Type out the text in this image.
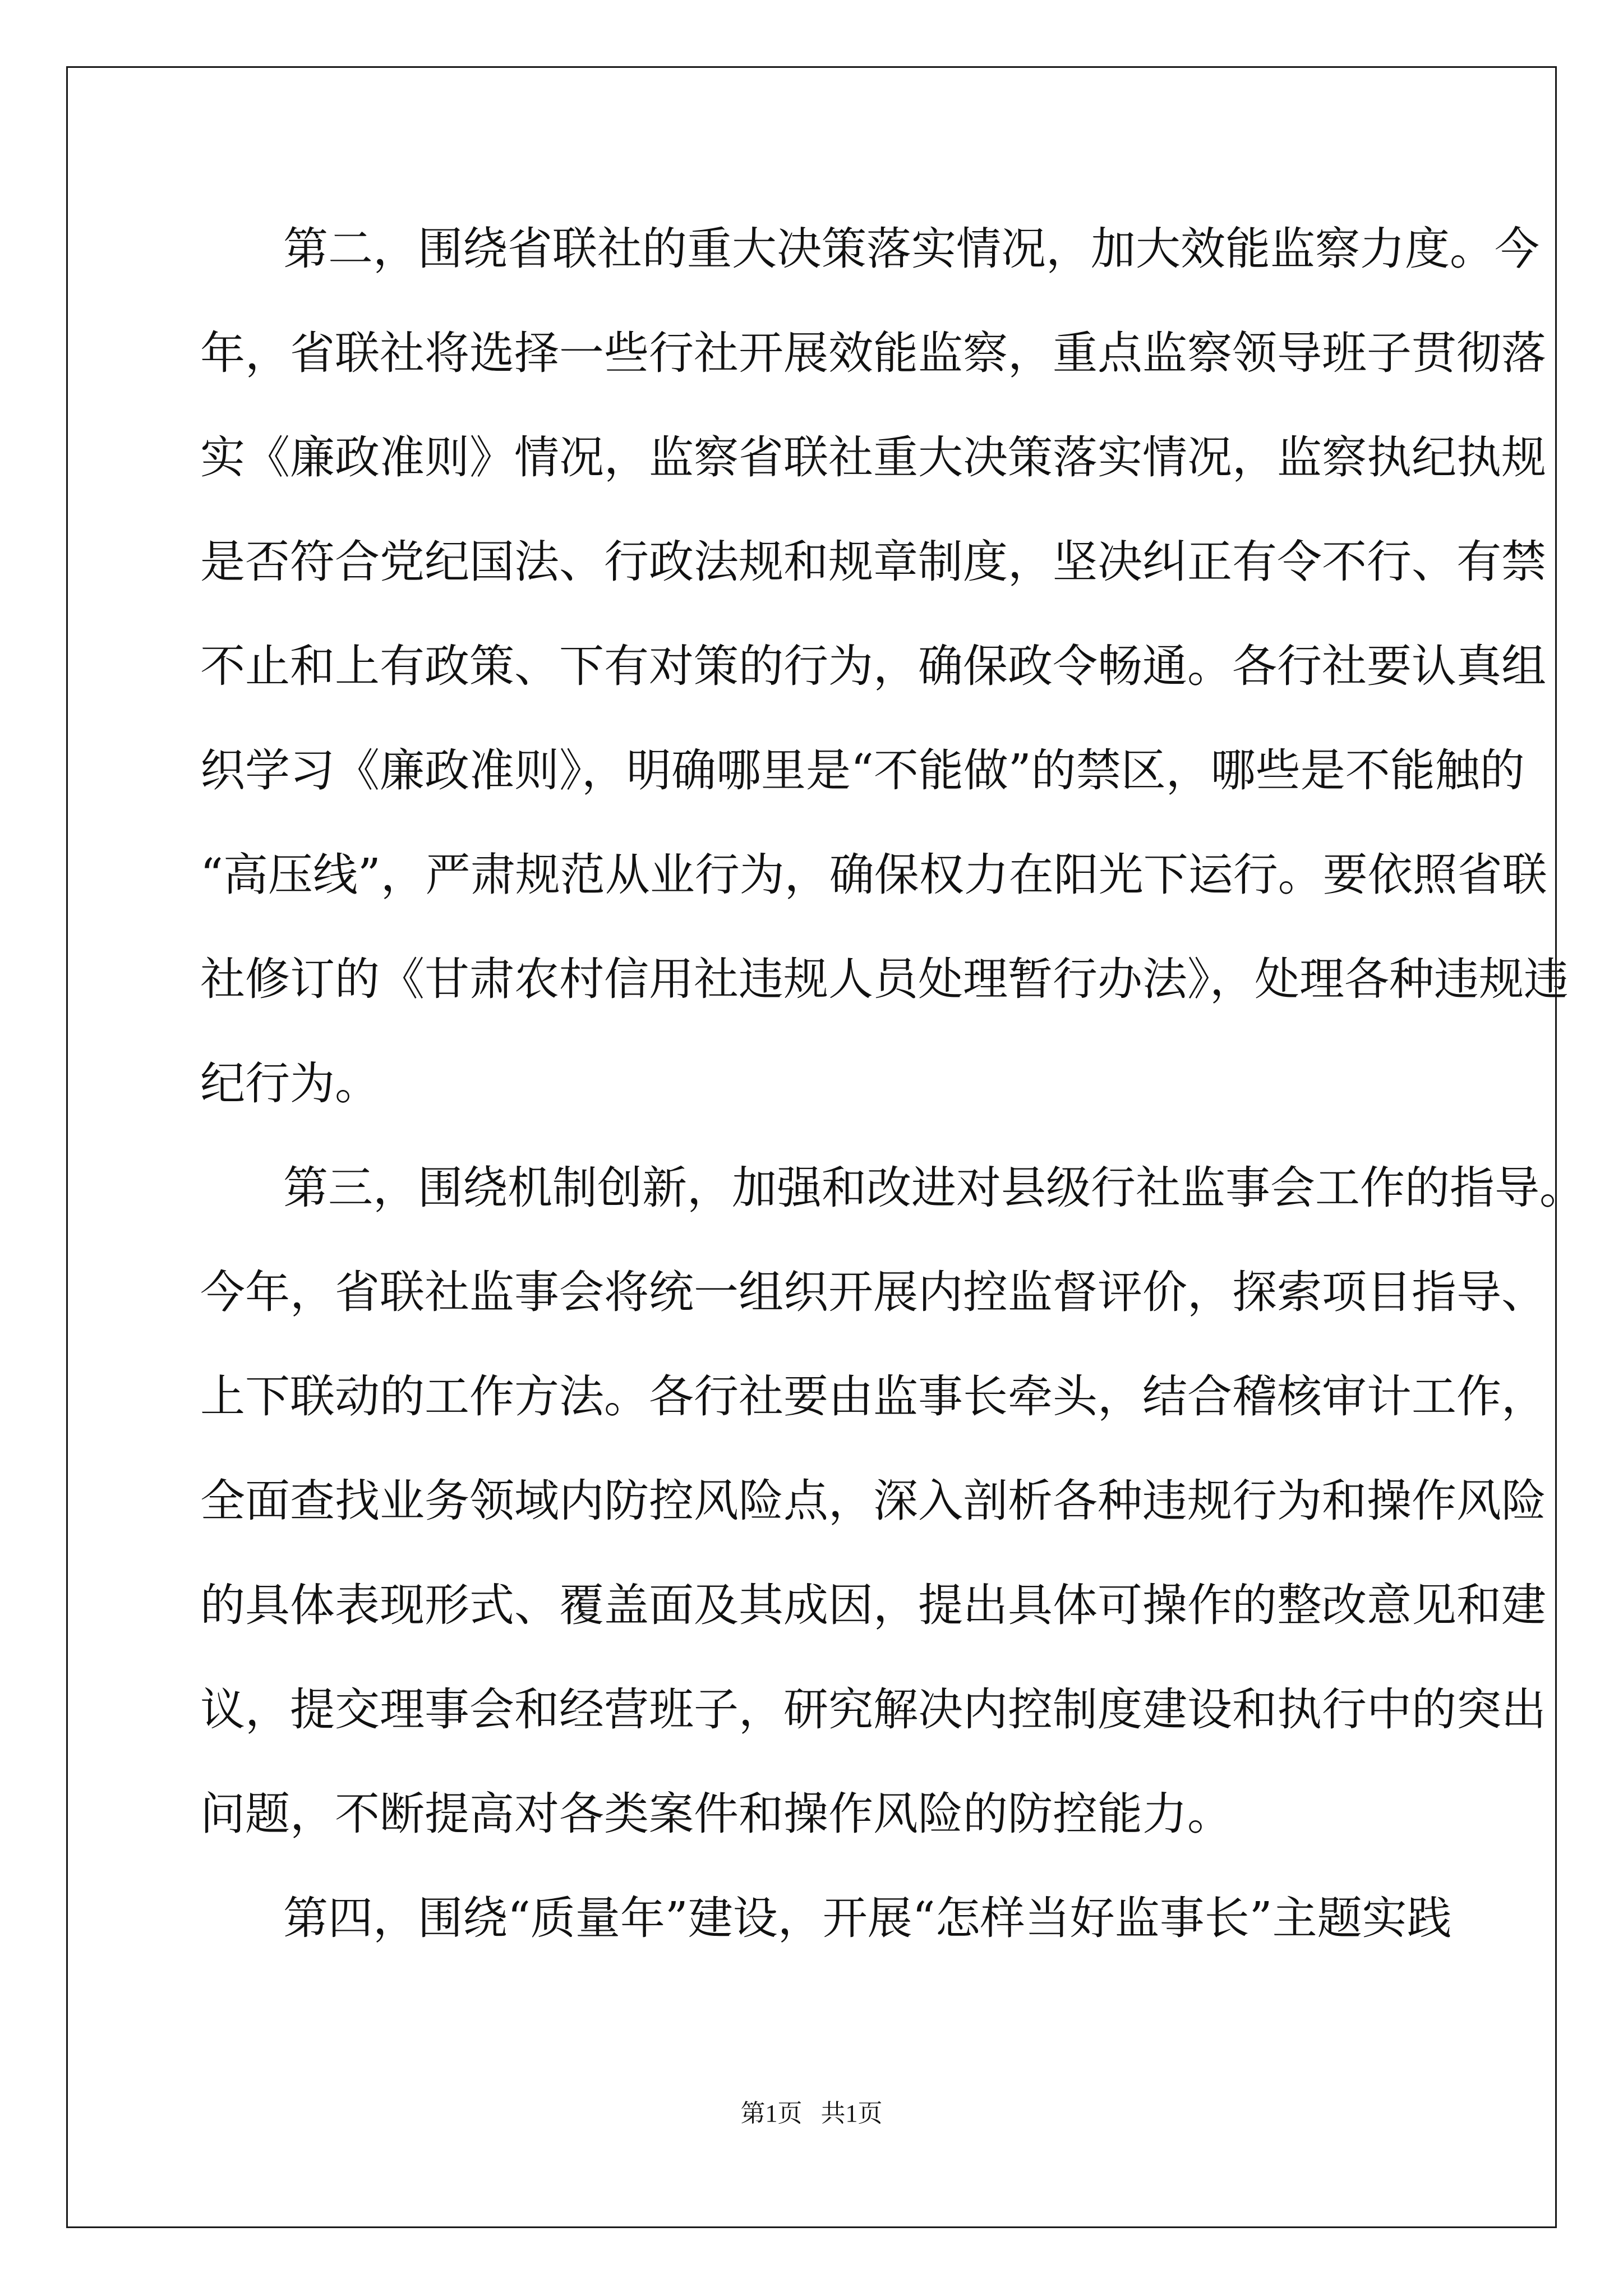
第二，围绕省联社的重大决策落实情况，加大效能监察力度。今

年，省联社将选择一些行社开展效能监察，重点监察领导班子贯彻落

实《廉政准则》情况，监察省联社重大决策落实情况，监察执纪执规

是否符合党纪国法、行政法规和规章制度，坚决纠正有令不行、有禁

不止和上有政策、下有对策的行为，确保政令畅通。各行社要认真组

织学习《廉政准则》，明确哪里是“不能做”的禁区，哪些是不能触的

“高压线”，严肃规范从业行为，确保权力在阳光下运行。要依照省联

社修订的《甘肃农村信用社违规人员处理暂行办法》，处理各种违规违

纪行为。

第三，围绕机制创新，加强和改进对县级行社监事会工作的指导。

今年，省联社监事会将统一组织开展内控监督评价，探索项目指导、

上下联动的工作方法。各行社要由监事长牵头，结合稽核审计工作，

全面查找业务领域内防控风险点，深入剖析各种违规行为和操作风险

的具体表现形式、覆盖面及其成因，提出具体可操作的整改意见和建

议，提交理事会和经营班子，研究解决内控制度建设和执行中的突出

问题，不断提高对各类案件和操作风险的防控能力。

第四，围绕“质量年”建设，开展“怎样当好监事长”主题实践

第1页   共1页
